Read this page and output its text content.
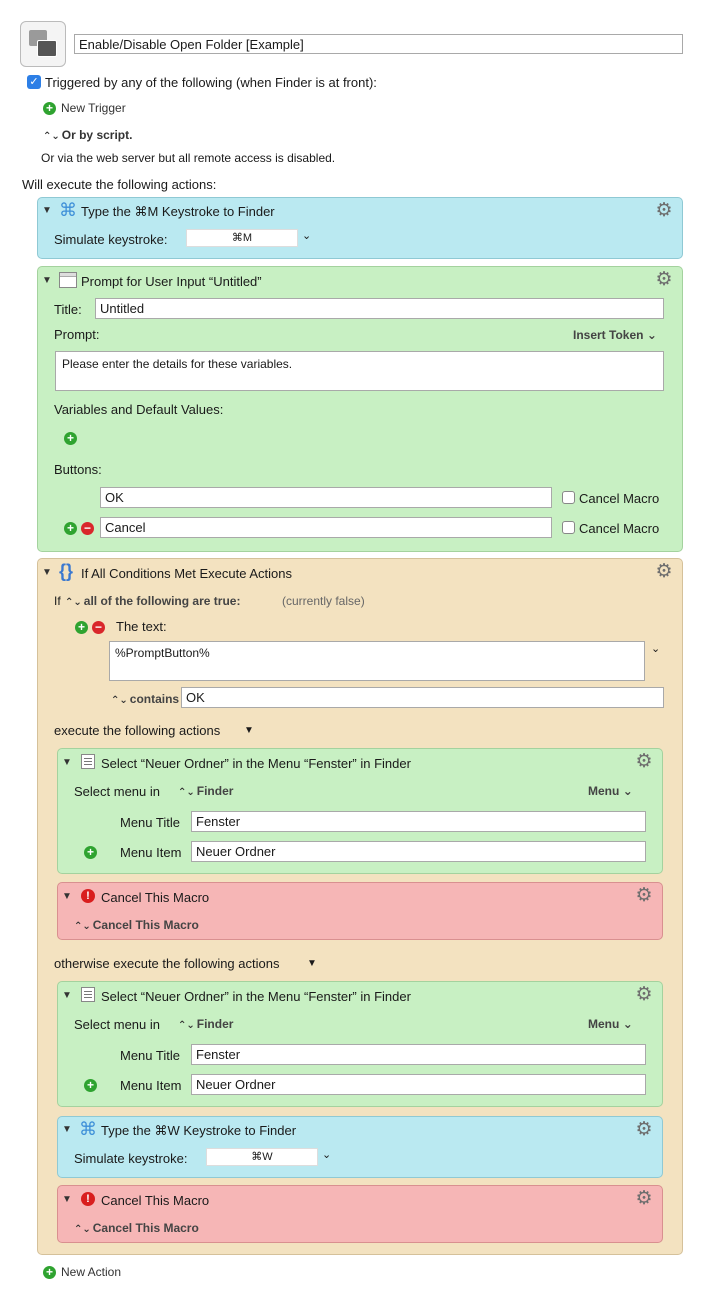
Enable/Disable Open Folder [Example]
✓ Triggered by any of the following (when Finder is at front):
+ New Trigger
⌃⌄ Or by script.
Or via the web server but all remote access is disabled.
Will execute the following actions:
▼ ⌘ Type the ⌘M Keystroke to Finder	⚙
Simulate keystroke:	⌘M	⌄
▼ Prompt for User Input “Untitled”	⚙
Title:	Untitled
Prompt:	Insert Token ⌄
Please enter the details for these variables.
Variables and Default Values:
+
Buttons:
OK	Cancel Macro
+ −	Cancel	Cancel Macro
▼ {} If All Conditions Met Execute Actions	⚙
If ⌃⌄ all of the following are true:	(currently false)
+ − The text:
%PromptButton%	⌄
⌃⌄ contains OK
execute the following actions ▼
otherwise execute the following actions	▼
▼ Select “Neuer Ordner” in the Menu “Fenster” in Finder	⚙
Select menu in ⌃⌄ Finder	Menu ⌄
Menu Title	Fenster
+ Menu Item	Neuer Ordner
▼	! Cancel This Macro	⚙
⌃⌄ Cancel This Macro
▼ Select “Neuer Ordner” in the Menu “Fenster” in Finder	⚙
Select menu in ⌃⌄ Finder	Menu ⌄
Menu Title	Fenster
+ Menu Item	Neuer Ordner
▼ ⌘ Type the ⌘W Keystroke to Finder	⚙
Simulate keystroke:	⌘W	⌄
▼	! Cancel This Macro	⚙
⌃⌄ Cancel This Macro
+ New Action
